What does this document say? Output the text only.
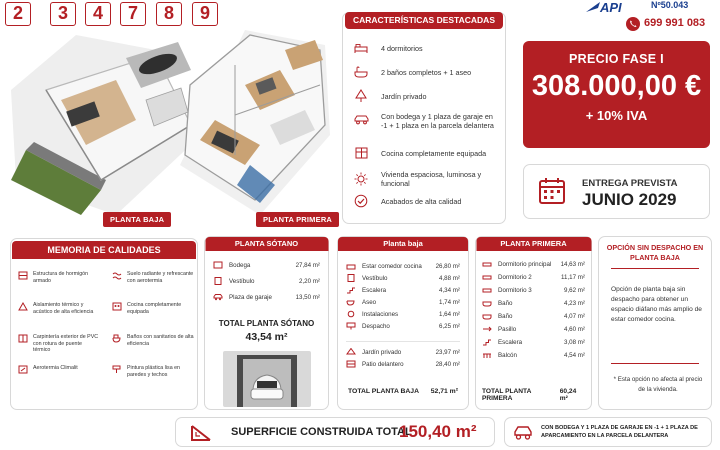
2	3	4	7	8	9
PLANTA BAJA	PLANTA PRIMERA
CARACTERÍSTICAS DESTACADAS
4 dormitorios
2 baños completos + 1 aseo
Jardín privado
Con bodega y 1 plaza de garaje en -1 + 1 plaza en la parcela delantera
Cocina completamente equipada
Vivienda espaciosa, luminosa y funcional
Acabados de alta calidad
API	Nº50.043
699 991 083
PRECIO FASE I
308.000,00 €
+ 10% IVA
ENTREGA PREVISTA
JUNIO 2029
MEMORIA DE CALIDADES
Estructura de hormigón armado
Aislamiento térmico y acústico de alta eficiencia
Carpintería exterior de PVC con rotura de puente térmico
Aerotermia Climalit
Suelo radiante y refrescante con aerotermia
Cocina completamente equipada
Baños con sanitarios de alta eficiencia
Pintura plástica lisa en paredes y techos
PLANTA SÓTANO
Bodega	27,84 m²
Vestíbulo	2,20 m²
Plaza de garaje	13,50 m²
TOTAL PLANTA SÓTANO
43,54 m²
Planta baja
Estar comedor cocina 26,80 m²
Vestíbulo	4,88 m²
Escalera	4,34 m²
Aseo	1,74 m²
Instalaciones	1,64 m²
Despacho	6,25 m²
Jardín privado	23,97 m²
Patio delantero	28,40 m²
TOTAL PLANTA BAJA 52,71 m²
PLANTA PRIMERA
Dormitorio principal 14,63 m²
Dormitorio 2	11,17 m²
Dormitorio 3	9,62 m²
Baño	4,23 m²
Baño	4,07 m²
Pasillo	4,60 m²
Escalera	3,08 m²
Balcón	4,54 m²
TOTAL PLANTA PRIMERA
60,24 m²
OPCIÓN SIN DESPACHO EN PLANTA BAJA
Opción de planta baja sin despacho para obtener un espacio diáfano más amplio de estar comedor cocina.
* Esta opción no afecta al precio de la vivienda.
SUPERFICIE CONSTRUIDA TOTAL
150,40 m²	CON BODEGA Y 1 PLAZA DE GARAJE EN -1 + 1 PLAZA DE APARCAMIENTO EN LA PARCELA DELANTERA
